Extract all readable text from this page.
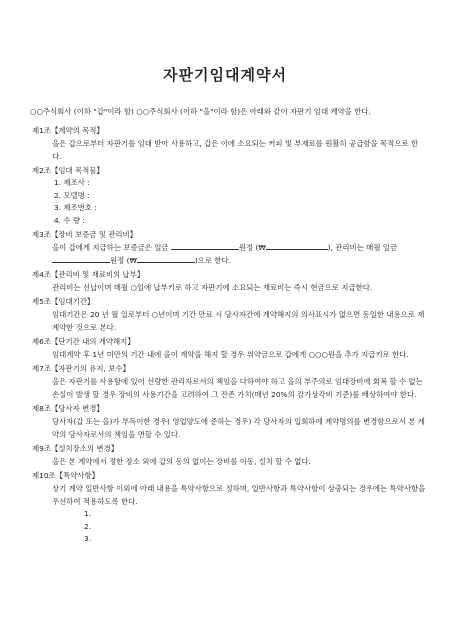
자판기임대계약서
○○주식회사 (이하 "갑"이라 함) ○○주식회사 (이하 "을"이라 함)은 아래와 같이 자판기 임대 계약을 한다.
제1조【계약의 목적】
을은 갑으로부터 자판기를 임대 받아 사용하고, 갑은 이에 소요되는 커피 및 부재료를 원활히 공급함을 목적으로 한다.
제2조【임대 목적물】
1. 제조사 :
2. 모델명 :
3. 제조번호 :
4. 수 량 :
제3조【장비 보증금 및 관리비】
을이 갑에게 지급하는 보증금은 일금	원정 (₩	), 관리비는 매월 일금 원정 (₩	)으로 한다.
제4조【관리비 및 재료비의 납부】
관리비는 선납이며 매월 ○일에 납부키로 하고 자판기에 소요되는 재료비는 즉시 현금으로 지급한다.
제5조【임대기간】
임대기간은 20 년 월 일로부터 ○년이며 기간 만료 시 당사자간에 계약해지의 의사표시가 없으면 동일한 내용으로 재계약한 것으로 본다.
제6조【단기간 내의 계약해지】
임대계약 후 1년 미만의 기간 내에 을이 계약을 해지 할 경우 위약금으로 갑에게 ○○○원을 추가 지급키로 한다.
제7조【자판기의 유지, 보수】
을은 자판기를 사용함에 있어 선량한 관리자로서의 책임을 다하여야 하고 을의 부주의로 임대장비에 회복 할 수 없는 손실이 발생 할 경우 장비의 사용기간을 고려하여 그 잔존 가치(매년 20%의 감가상각비 기준)를 배상하여야 한다.
제8조【당사자 변경】
당사자(갑 또는 을)가 부득이한 경우( 영업양도에 준하는 경우) 각 당사자의 입회하에 계약명의를 변경함으로서 본 계약의 당사자로서의 책임을 면할 수 있다.
제9조【설치장소의 변경】
을은 본 계약에서 정한 장소 외에 갑의 동의 없이는 장비를 이동, 설치 할 수 없다.
제10조【특약사항】
상기 계약 일반사항 이외에 아래 내용을 특약사항으로 정하며, 일반사항과 특약사항이 상충되는 경우에는 특약사항을 우선하여 적용하도록 한다.
1.
2.
3.
